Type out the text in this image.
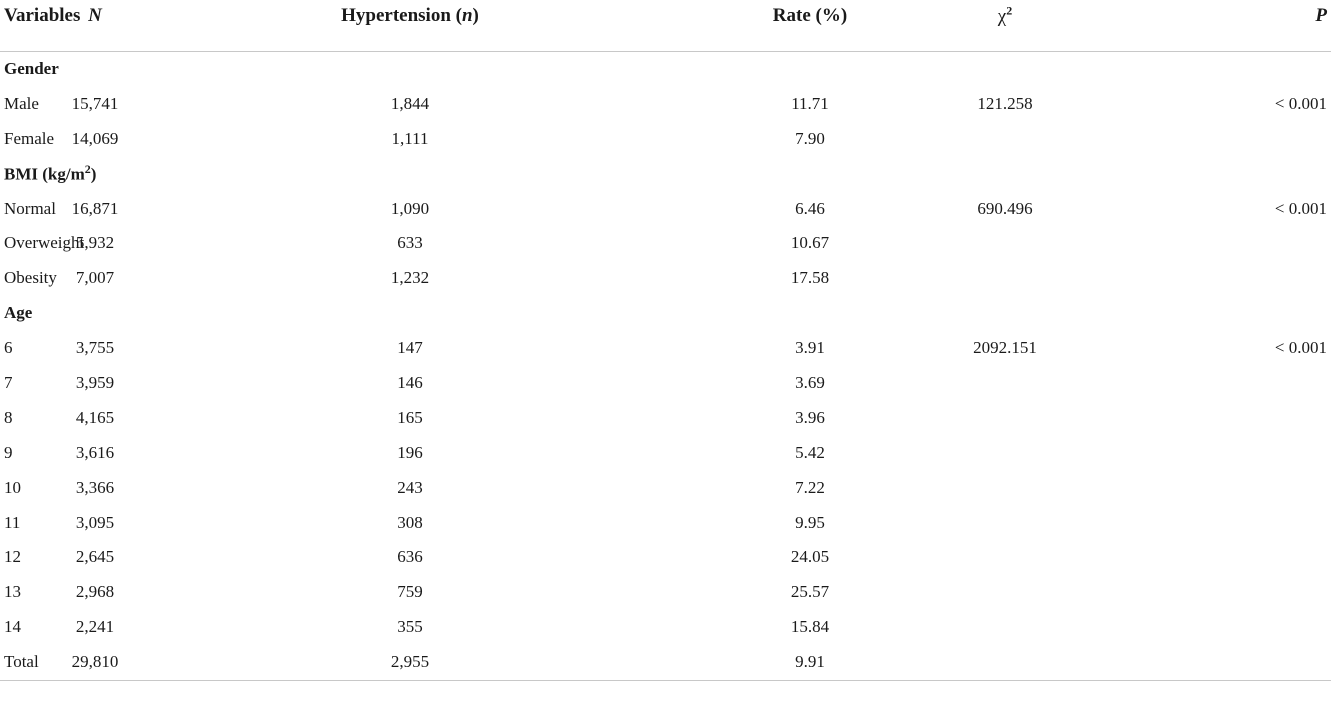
Variables	N	Hypertension (n)	Rate (%)	$\chi^2$	P
Gender					
Male	15,741	1,844	11.71	121.258	< 0.001
Female	14,069	1,111	7.90		
BMI $(kg/m^2)$					
Normal	16,871	1,090	6.46	690.496	< 0.001
Overweight	5,932	633	10.67		
Obesity	7,007	1,232	17.58		
Age					
6	3,755	147	3.91	2092.151	< 0.001
7	3,959	146	3.69		
8	4,165	165	3.96		
9	3,616	196	5.42		
10	3,366	243	7.22		
11	3,095	308	9.95		
12	2,645	636	24.05		
13	2,968	759	25.57		
14	2,241	355	15.84		
Total	29,810	2,955	9.91		
